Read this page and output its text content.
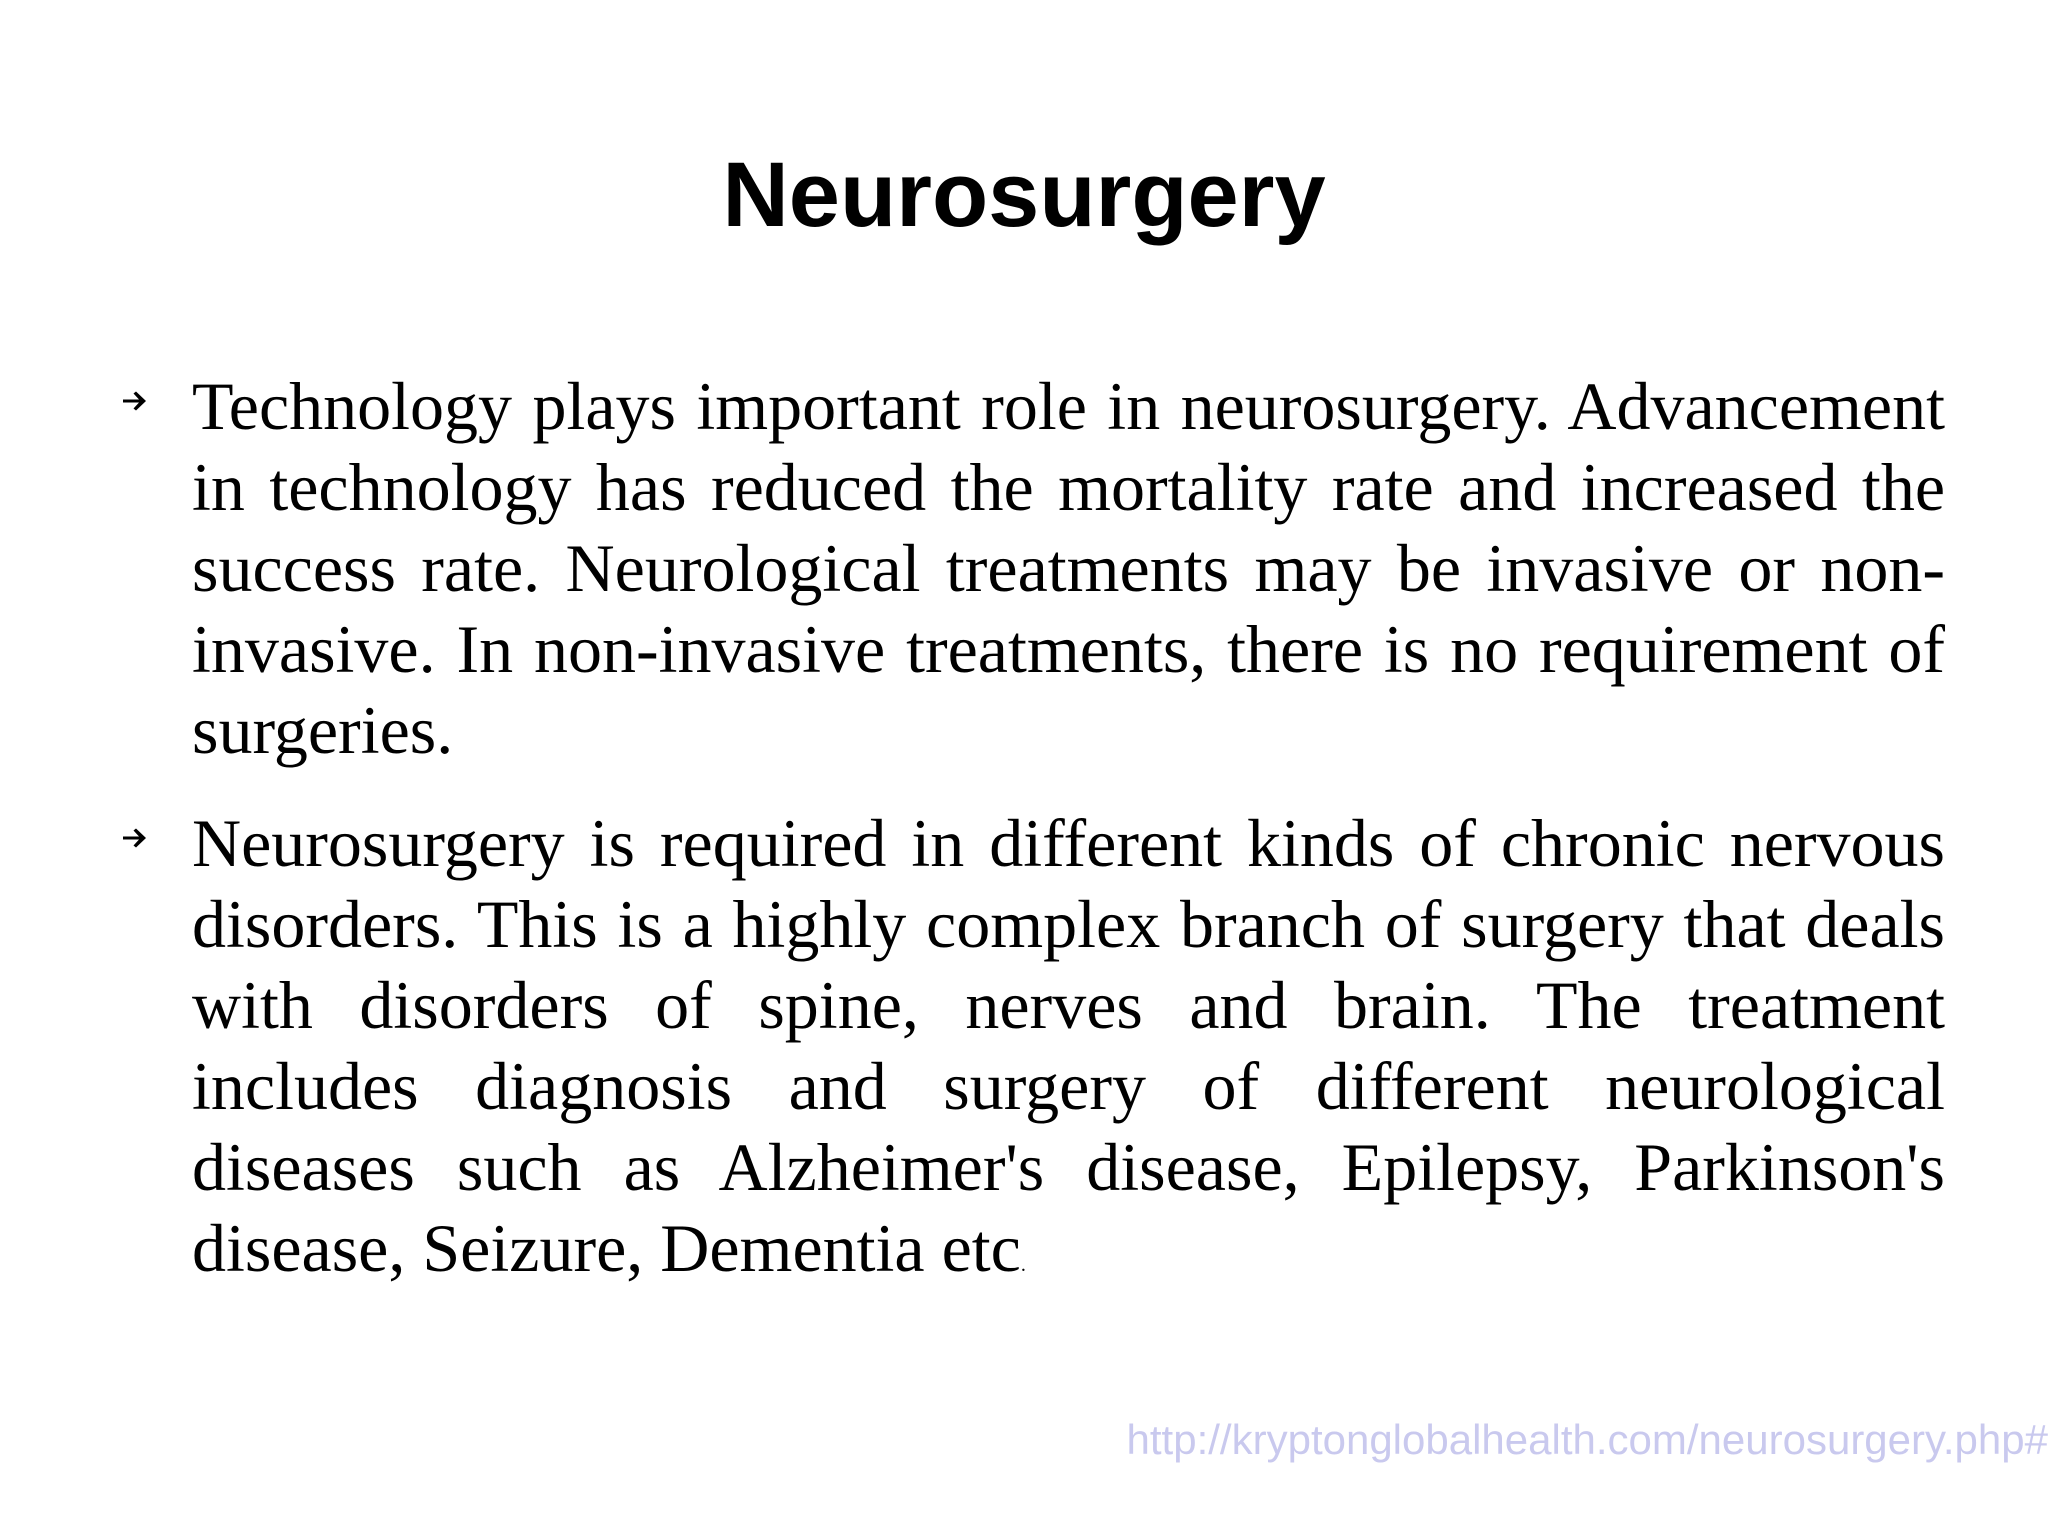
Neurosurgery
Technology plays important role in neurosurgery. Advancement in technology has reduced the mortality rate and increased the success rate. Neurological treatments may be invasive or non-invasive. In non-invasive treatments, there is no requirement of surgeries.
Neurosurgery is required in different kinds of chronic nervous disorders. This is a highly complex branch of surgery that deals with disorders of spine, nerves and brain. The treatment includes diagnosis and surgery of different neurological diseases such as Alzheimer's disease, Epilepsy, Parkinson's disease, Seizure, Dementia etc.
http://kryptonglobalhealth.com/neurosurgery.php#
